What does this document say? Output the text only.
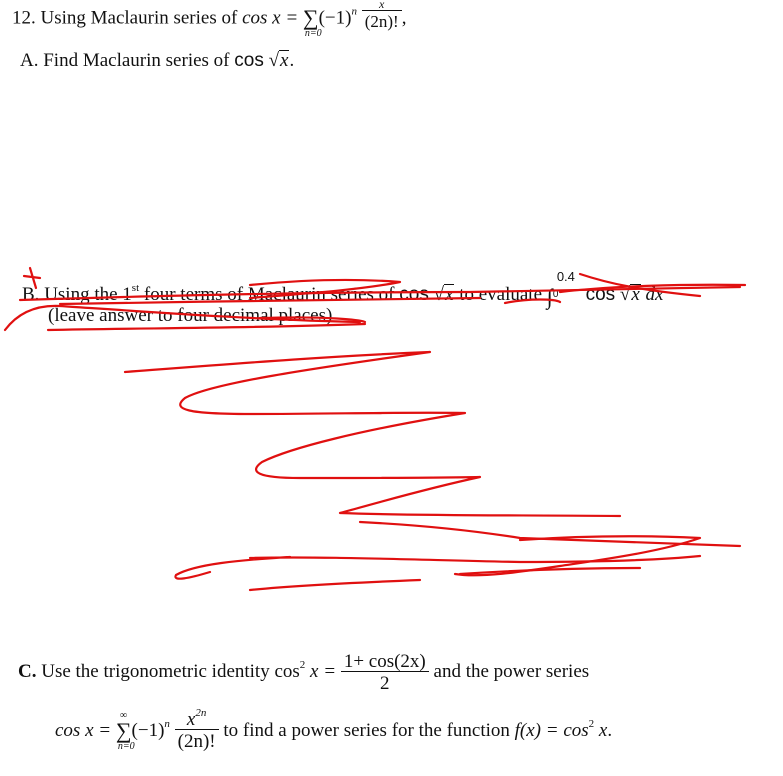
12. Using Maclaurin series of cos x = ∑
n=0
$(-1)^n \frac{x}{(2n)!}$ ,
A. Find Maclaurin series of cos √x.
B. Using the 1st four terms of Maclaurin series of cos √x to evaluate ∫
0.4
0 cos √x dx
(leave answer to four decimal places)
C. Use the trigonometric identity $\cos^2 x = \frac{1+ \cos(2x)}{2}$ and the power series
cos x = ∑
∞
n=0
$(-1)^n \frac{x^{2n}}{(2n)!}$ to find a power series for the function $f(x) = \cos^2 x$.
